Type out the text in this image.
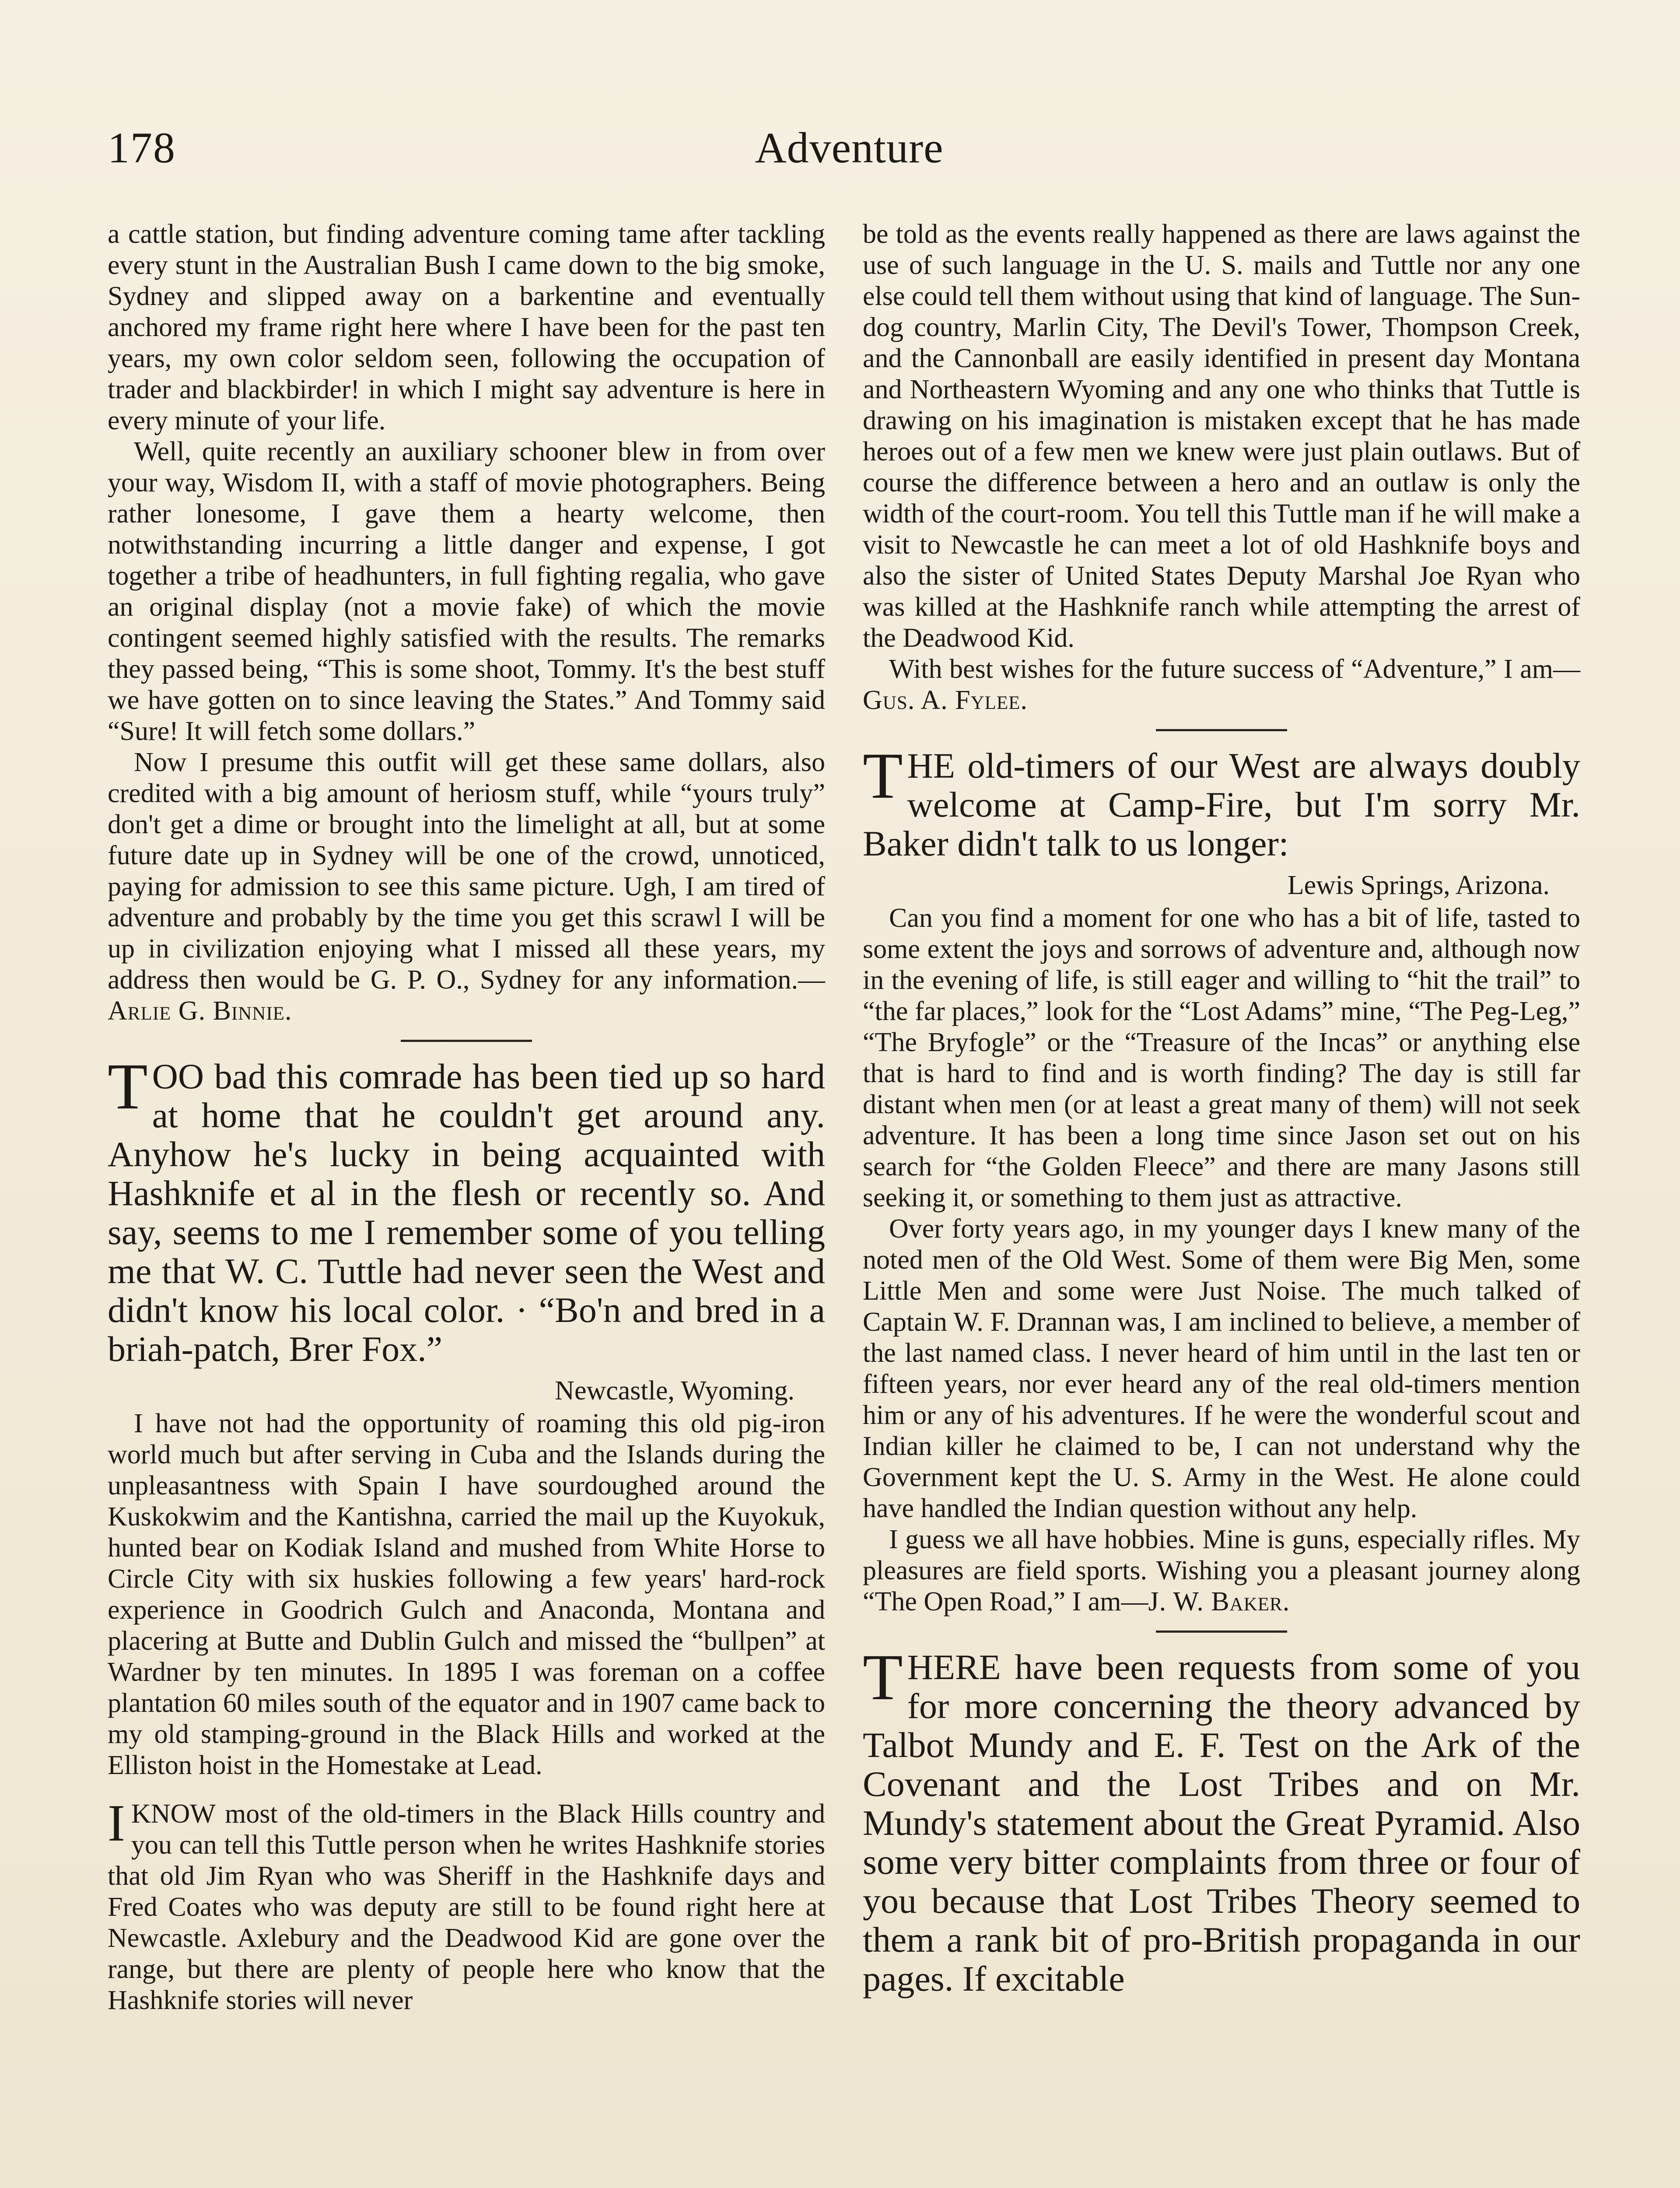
178	Adventure

a cattle station, but finding adventure coming tame after tackling every stunt in the Australian Bush I came down to the big smoke, Sydney and slipped away on a barkentine and eventually anchored my frame right here where I have been for the past ten years, my own color seldom seen, following the occupation of trader and blackbirder! in which I might say adventure is here in every minute of your life.

Well, quite recently an auxiliary schooner blew in from over your way, Wisdom II, with a staff of movie photographers. Being rather lonesome, I gave them a hearty welcome, then notwithstanding incurring a little danger and expense, I got together a tribe of headhunters, in full fighting regalia, who gave an original display (not a movie fake) of which the movie contingent seemed highly satisfied with the results. The remarks they passed being, “This is some shoot, Tommy. It's the best stuff we have gotten on to since leaving the States.” And Tommy said “Sure! It will fetch some dollars.”

Now I presume this outfit will get these same dollars, also credited with a big amount of heriosm stuff, while “yours truly” don't get a dime or brought into the limelight at all, but at some future date up in Sydney will be one of the crowd, unnoticed, paying for admission to see this same picture. Ugh, I am tired of adventure and probably by the time you get this scrawl I will be up in civilization enjoying what I missed all these years, my address then would be G. P. O., Sydney for any information.—Arlie G. Binnie.

TOO bad this comrade has been tied up so hard at home that he couldn't get around any. Anyhow he's lucky in being acquainted with Hashknife et al in the flesh or recently so. And say, seems to me I remember some of you telling me that W. C. Tuttle had never seen the West and didn't know his local color. · “Bo'n and bred in a briah-patch, Brer Fox.”

Newcastle, Wyoming.

I have not had the opportunity of roaming this old pig-iron world much but after serving in Cuba and the Islands during the unpleasantness with Spain I have sourdoughed around the Kuskokwim and the Kantishna, carried the mail up the Kuyokuk, hunted bear on Kodiak Island and mushed from White Horse to Circle City with six huskies following a few years' hard-rock experience in Goodrich Gulch and Anaconda, Montana and placering at Butte and Dublin Gulch and missed the “bullpen” at Wardner by ten minutes. In 1895 I was foreman on a coffee plantation 60 miles south of the equator and in 1907 came back to my old stamping-ground in the Black Hills and worked at the Elliston hoist in the Homestake at Lead.

IKNOW most of the old-timers in the Black Hills country and you can tell this Tuttle person when he writes Hashknife stories that old Jim Ryan who was Sheriff in the Hashknife days and Fred Coates who was deputy are still to be found right here at Newcastle. Axlebury and the Deadwood Kid are gone over the range, but there are plenty of people here who know that the Hashknife stories will never

be told as the events really happened as there are laws against the use of such language in the U. S. mails and Tuttle nor any one else could tell them without using that kind of language. The Sun-dog country, Marlin City, The Devil's Tower, Thompson Creek, and the Cannonball are easily identified in present day Montana and Northeastern Wyoming and any one who thinks that Tuttle is drawing on his imagination is mistaken except that he has made heroes out of a few men we knew were just plain outlaws. But of course the difference between a hero and an outlaw is only the width of the court-room. You tell this Tuttle man if he will make a visit to Newcastle he can meet a lot of old Hashknife boys and also the sister of United States Deputy Marshal Joe Ryan who was killed at the Hashknife ranch while attempting the arrest of the Deadwood Kid.

With best wishes for the future success of “Adventure,” I am—Gus. A. Fylee.

THE old-timers of our West are always doubly welcome at Camp-Fire, but I'm sorry Mr. Baker didn't talk to us longer:

Lewis Springs, Arizona.

Can you find a moment for one who has a bit of life, tasted to some extent the joys and sorrows of adventure and, although now in the evening of life, is still eager and willing to “hit the trail” to “the far places,” look for the “Lost Adams” mine, “The Peg-Leg,” “The Bryfogle” or the “Treasure of the Incas” or anything else that is hard to find and is worth finding? The day is still far distant when men (or at least a great many of them) will not seek adventure. It has been a long time since Jason set out on his search for “the Golden Fleece” and there are many Jasons still seeking it, or something to them just as attractive.

Over forty years ago, in my younger days I knew many of the noted men of the Old West. Some of them were Big Men, some Little Men and some were Just Noise. The much talked of Captain W. F. Drannan was, I am inclined to believe, a member of the last named class. I never heard of him until in the last ten or fifteen years, nor ever heard any of the real old-timers mention him or any of his adventures. If he were the wonderful scout and Indian killer he claimed to be, I can not understand why the Government kept the U. S. Army in the West. He alone could have handled the Indian question without any help.

I guess we all have hobbies. Mine is guns, especially rifles. My pleasures are field sports. Wishing you a pleasant journey along “The Open Road,” I am—J. W. Baker.

THERE have been requests from some of you for more concerning the theory advanced by Talbot Mundy and E. F. Test on the Ark of the Covenant and the Lost Tribes and on Mr. Mundy's statement about the Great Pyramid. Also some very bitter complaints from three or four of you because that Lost Tribes Theory seemed to them a rank bit of pro-British propaganda in our pages. If excitable
